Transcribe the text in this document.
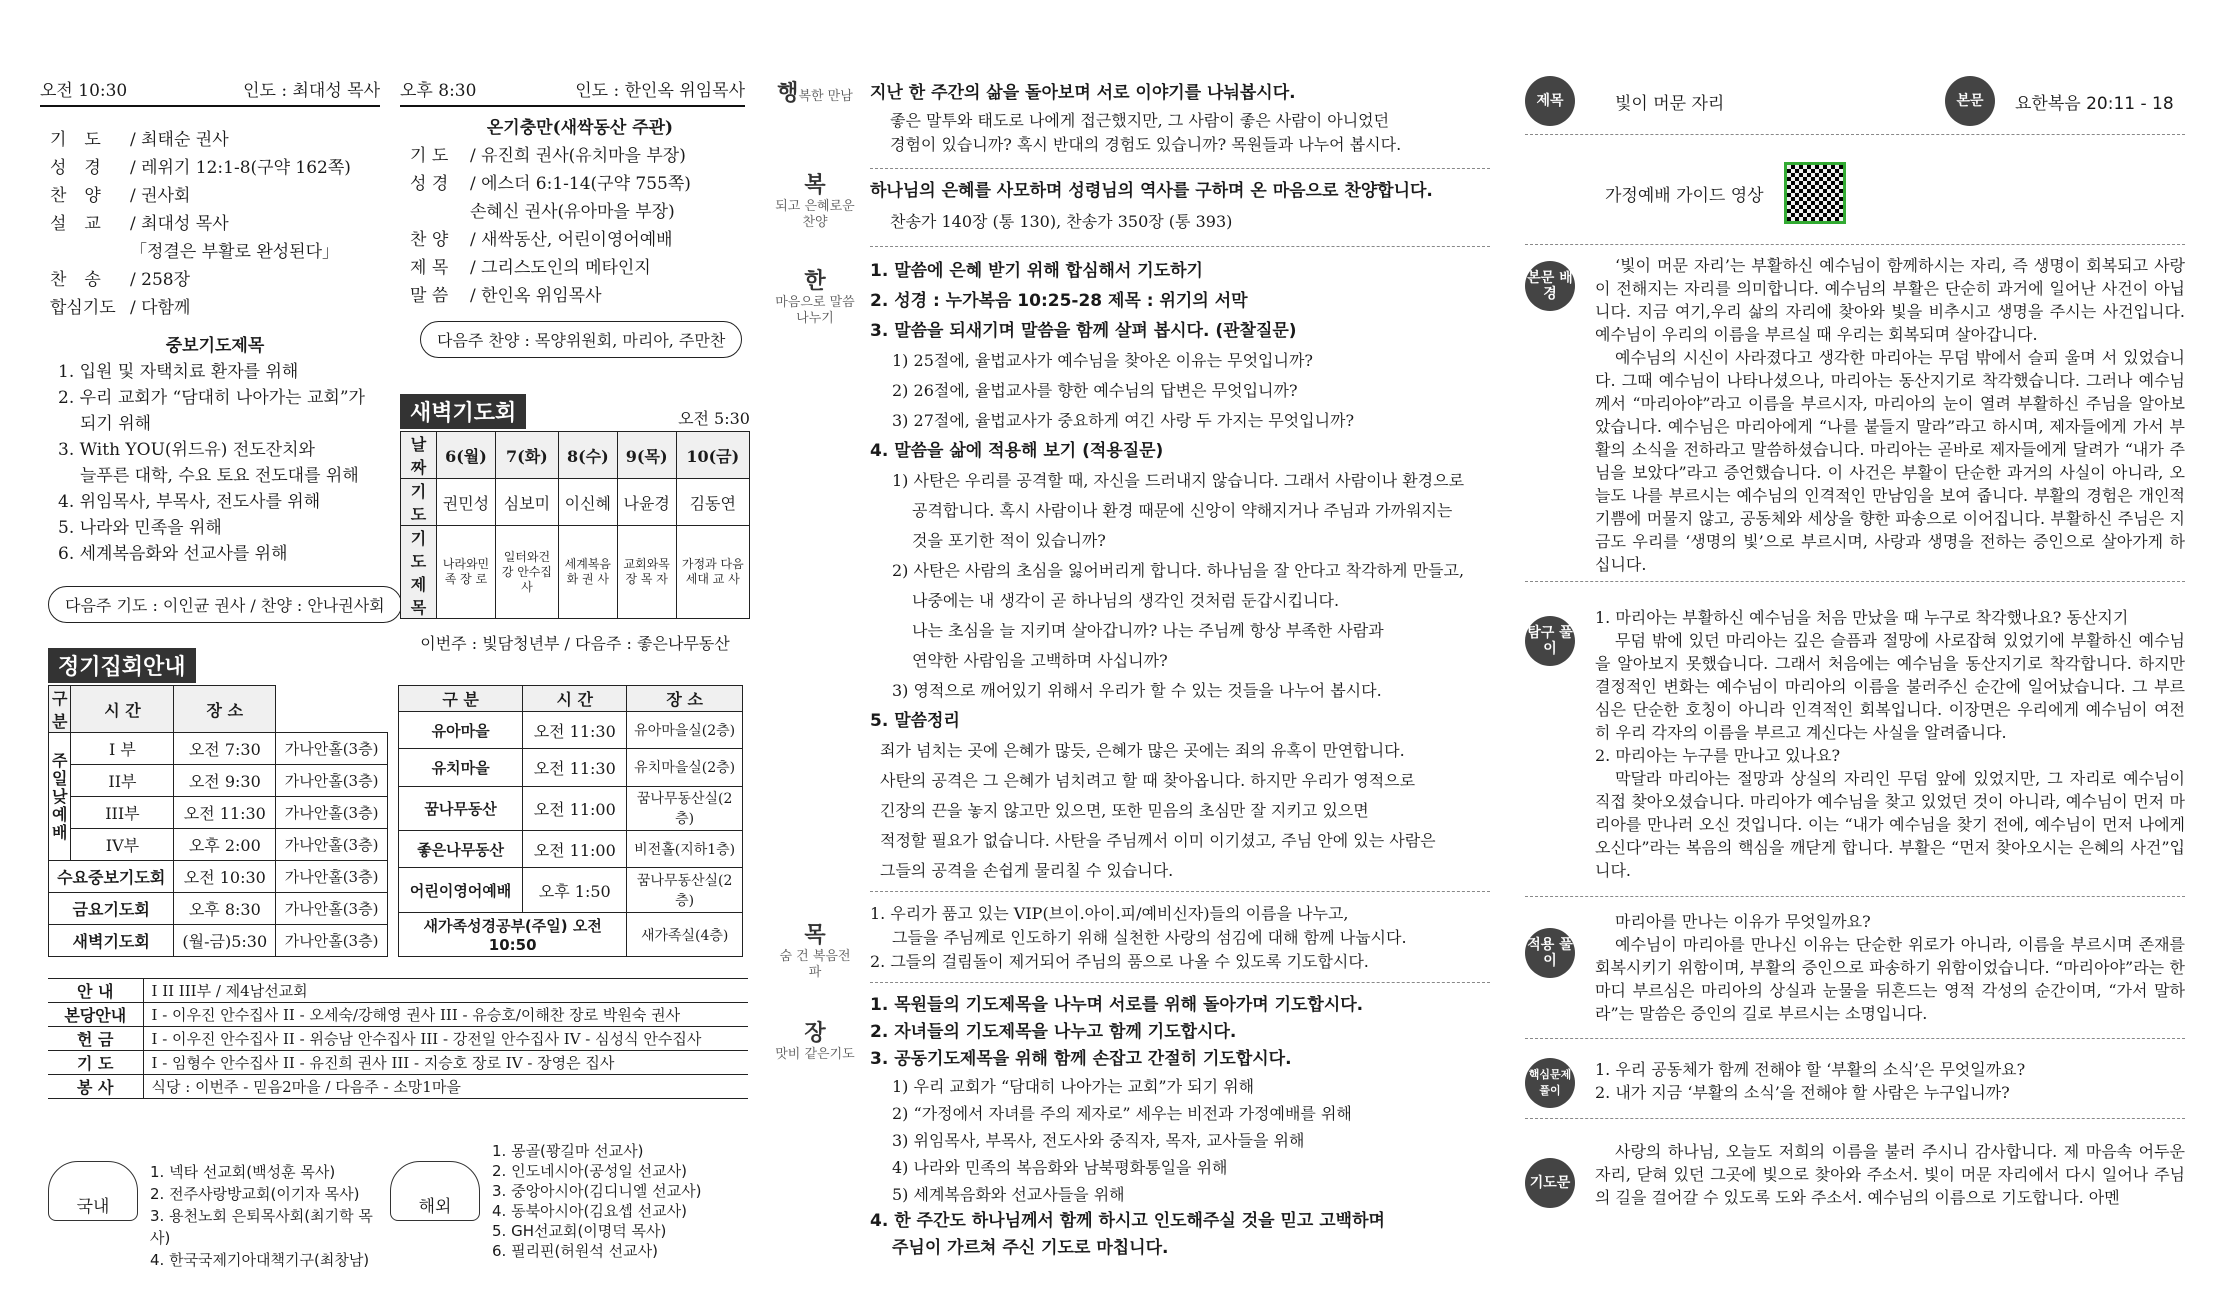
오전 10:30	인도 : 최대성 목사 오후 8:30	인도 : 한인옥 위임목사
기도 / 최태순 권사
성경 / 레위기 12:1-8(구약 162쪽)
찬양 / 권사회
설교 / 최대성 목사
「정결은 부활로 완성된다」
찬송 / 258장
합심기도 / 다함께
온기충만(새싹동산 주관)
기 도 / 유진희 권사(유치마을 부장)
성 경 / 에스더 6:1-14(구약 755쪽)
손혜신 권사(유아마을 부장)
찬 양 / 새싹동산, 어린이영어예배
제 목 / 그리스도인의 메타인지
말 씀 / 한인옥 위임목사
중보기도제목
1. 입원 및 자택치료 환자를 위해
2. 우리 교회가 “담대히 나아가는 교회”가
되기 위해
3. With YOU(위드유) 전도잔치와
늘푸른 대학, 수요 토요 전도대를 위해
4. 위임목사, 부목사, 전도사를 위해
5. 나라와 민족을 위해
6. 세계복음화와 선교사를 위해
다음주 찬양 : 목양위원회, 마리아, 주만찬
다음주 기도 : 이인균 권사 / 찬양 : 안나권사회
새벽기도회	오전 5:30
날짜	6(월)	7(화)	8(수)	9(목)	10(금)
기 도	권민성	심보미	이신혜	나윤경	김동연
기 도 제 목	나라와민족 장 로	일터와건강 안수집사	세계복음화 권 사	교회와목장 목 자	가정과 다음세대 교 사
이번주 : 빛담청년부 / 다음주 : 좋은나무동산
정기집회안내
구 분	시 간	장 소	
주일낮예배	I 부	오전 7:30	가나안홀(3층)
	II부	오전 9:30	가나안홀(3층)
	III부	오전 11:30	가나안홀(3층)
	IV부	오후 2:00	가나안홀(3층)
수요중보기도회		오전 10:30	가나안홀(3층)
금요기도회		오후 8:30	가나안홀(3층)
새벽기도회		(월-금)5:30	가나안홀(3층)
구 분	시 간	장 소
유아마을	오전 11:30	유아마을실(2층)
유치마을	오전 11:30	유치마을실(2층)
꿈나무동산	오전 11:00	꿈나무동산실(2층)
좋은나무동산	오전 11:00	비전홀(지하1층)
어린이영어예배	오후 1:50	꿈나무동산실(2층)
새가족성경공부(주일) 오전 10:50		새가족실(4층)
안 내	I II III부 / 제4남선교회
본당안내	I - 이우진 안수집사 II - 오세숙/강해영 권사 III - 유승호/이해찬 장로 박원숙 권사
헌 금	I - 이우진 안수집사 II - 위승남 안수집사 III - 강전일 안수집사 IV - 심성식 안수집사
기 도	I - 임형수 안수집사 II - 유진희 권사 III - 지승호 장로 IV - 장영은 집사
봉 사	식당 : 이번주 - 믿음2마을 / 다음주 - 소망1마을
국내
1. 넥타 선교회(백성훈 목사)
2. 전주사랑방교회(이기자 목사)
3. 용천노회 은퇴목사회(최기학 목사)
4. 한국국제기아대책기구(최창남)
해외
1. 몽골(꽝길마 선교사)
2. 인도네시아(공성일 선교사)
3. 중앙아시아(김디니엘 선교사)
4. 동북아시아(김요셉 선교사)
5. GH선교회(이명덕 목사)
6. 필리핀(허원석 선교사)
행복한 만남
복
되고 은혜로운 찬양
한
마음으로 말씀 나누기
목
숨 건 복음전파
장
맛비 같은기도
지난 한 주간의 삶을 돌아보며 서로 이야기를 나눠봅시다.
좋은 말투와 태도로 나에게 접근했지만, 그 사람이 좋은 사람이 아니었던
경험이 있습니까? 혹시 반대의 경험도 있습니까? 목원들과 나누어 봅시다.
하나님의 은혜를 사모하며 성령님의 역사를 구하며 온 마음으로 찬양합니다.
찬송가 140장 (통 130), 찬송가 350장 (통 393)
1. 말씀에 은혜 받기 위해 합심해서 기도하기
2. 성경 : 누가복음 10:25-28 제목 : 위기의 서막
3. 말씀을 되새기며 말씀을 함께 살펴 봅시다. (관찰질문)
1) 25절에, 율법교사가 예수님을 찾아온 이유는 무엇입니까?
2) 26절에, 율법교사를 향한 예수님의 답변은 무엇입니까?
3) 27절에, 율법교사가 중요하게 여긴 사랑 두 가지는 무엇입니까?
4. 말씀을 삶에 적용해 보기 (적용질문)
1) 사탄은 우리를 공격할 때, 자신을 드러내지 않습니다. 그래서 사람이나 환경으로
공격합니다. 혹시 사람이나 환경 때문에 신앙이 약해지거나 주님과 가까워지는
것을 포기한 적이 있습니까?
2) 사탄은 사람의 초심을 잃어버리게 합니다. 하나님을 잘 안다고 착각하게 만들고,
나중에는 내 생각이 곧 하나님의 생각인 것처럼 둔갑시킵니다.
나는 초심을 늘 지키며 살아갑니까? 나는 주님께 항상 부족한 사람과
연약한 사람임을 고백하며 사십니까?
3) 영적으로 깨어있기 위해서 우리가 할 수 있는 것들을 나누어 봅시다.
5. 말씀정리
죄가 넘치는 곳에 은혜가 많듯, 은혜가 많은 곳에는 죄의 유혹이 만연합니다.
사탄의 공격은 그 은혜가 넘치려고 할 때 찾아옵니다. 하지만 우리가 영적으로
긴장의 끈을 놓지 않고만 있으면, 또한 믿음의 초심만 잘 지키고 있으면
적정할 필요가 없습니다. 사탄을 주님께서 이미 이기셨고, 주님 안에 있는 사람은
그들의 공격을 손쉽게 물리칠 수 있습니다.
1. 우리가 품고 있는 VIP(브이.아이.피/예비신자)들의 이름을 나누고,
그들을 주님께로 인도하기 위해 실천한 사랑의 섬김에 대해 함께 나눕시다.
2. 그들의 걸림돌이 제거되어 주님의 품으로 나올 수 있도록 기도합시다.
1. 목원들의 기도제목을 나누며 서로를 위해 돌아가며 기도합시다.
2. 자녀들의 기도제목을 나누고 함께 기도합시다.
3. 공동기도제목을 위해 함께 손잡고 간절히 기도합시다.
1) 우리 교회가 “담대히 나아가는 교회”가 되기 위해
2) “가정에서 자녀를 주의 제자로” 세우는 비전과 가정예배를 위해
3) 위임목사, 부목사, 전도사와 중직자, 목자, 교사들을 위해
4) 나라와 민족의 복음화와 남북평화통일을 위해
5) 세계복음화와 선교사들을 위해
4. 한 주간도 하나님께서 함께 하시고 인도해주실 것을 믿고 고백하며
주님이 가르쳐 주신 기도로 마칩니다.
제목	빛이 머문 자리	본문	요한복음 20:11 - 18
가정예배 가이드 영상
본문 배경
‘빛이 머문 자리’는 부활하신 예수님이 함께하시는 자리, 즉 생명이 회복되고 사랑이 전해지는 자리를 의미합니다. 예수님의 부활은 단순히 과거에 일어난 사건이 아닙니다. 지금 여기,우리 삶의 자리에 찾아와 빛을 비추시고 생명을 주시는 사건입니다. 예수님이 우리의 이름을 부르실 때 우리는 회복되며 살아갑니다.
예수님의 시신이 사라졌다고 생각한 마리아는 무덤 밖에서 슬피 울며 서 있었습니다. 그때 예수님이 나타나셨으나, 마리아는 동산지기로 착각했습니다. 그러나 예수님께서 “마리아야”라고 이름을 부르시자, 마리아의 눈이 열려 부활하신 주님을 알아보았습니다. 예수님은 마리아에게 “나를 붙들지 말라”라고 하시며, 제자들에게 가서 부활의 소식을 전하라고 말씀하셨습니다. 마리아는 곧바로 제자들에게 달려가 “내가 주님을 보았다”라고 증언했습니다. 이 사건은 부활이 단순한 과거의 사실이 아니라, 오늘도 나를 부르시는 예수님의 인격적인 만남임을 보여 줍니다. 부활의 경험은 개인적 기쁨에 머물지 않고, 공동체와 세상을 향한 파송으로 이어집니다. 부활하신 주님은 지금도 우리를 ‘생명의 빛’으로 부르시며, 사랑과 생명을 전하는 증인으로 살아가게 하십니다.
탐구 풀이
1. 마리아는 부활하신 예수님을 처음 만났을 때 누구로 착각했나요? 동산지기
무덤 밖에 있던 마리아는 깊은 슬픔과 절망에 사로잡혀 있었기에 부활하신 예수님을 알아보지 못했습니다. 그래서 처음에는 예수님을 동산지기로 착각합니다. 하지만 결정적인 변화는 예수님이 마리아의 이름을 불러주신 순간에 일어났습니다. 그 부르심은 단순한 호칭이 아니라 인격적인 회복입니다. 이장면은 우리에게 예수님이 여전히 우리 각자의 이름을 부르고 계신다는 사실을 알려줍니다.
2. 마리아는 누구를 만나고 있나요?
막달라 마리아는 절망과 상실의 자리인 무덤 앞에 있었지만, 그 자리로 예수님이 직접 찾아오셨습니다. 마리아가 예수님을 찾고 있었던 것이 아니라, 예수님이 먼저 마리아를 만나러 오신 것입니다. 이는 “내가 예수님을 찾기 전에, 예수님이 먼저 나에게 오신다”라는 복음의 핵심을 깨닫게 합니다. 부활은 “먼저 찾아오시는 은혜의 사건”입니다.
적용 풀이
마리아를 만나는 이유가 무엇일까요?
예수님이 마리아를 만나신 이유는 단순한 위로가 아니라, 이름을 부르시며 존재를 회복시키기 위함이며, 부활의 증인으로 파송하기 위함이었습니다. “마리아야”라는 한마디 부르심은 마리아의 상실과 눈물을 뒤흔드는 영적 각성의 순간이며, “가서 말하라”는 말씀은 증인의 길로 부르시는 소명입니다.
핵심문제 풀이
1. 우리 공동체가 함께 전해야 할 ‘부활의 소식’은 무엇일까요?
2. 내가 지금 ‘부활의 소식’을 전해야 할 사람은 누구입니까?
기도문
사랑의 하나님, 오늘도 저희의 이름을 불러 주시니 감사합니다. 제 마음속 어두운 자리, 닫혀 있던 그곳에 빛으로 찾아와 주소서. 빛이 머문 자리에서 다시 일어나 주님의 길을 걸어갈 수 있도록 도와 주소서. 예수님의 이름으로 기도합니다. 아멘
